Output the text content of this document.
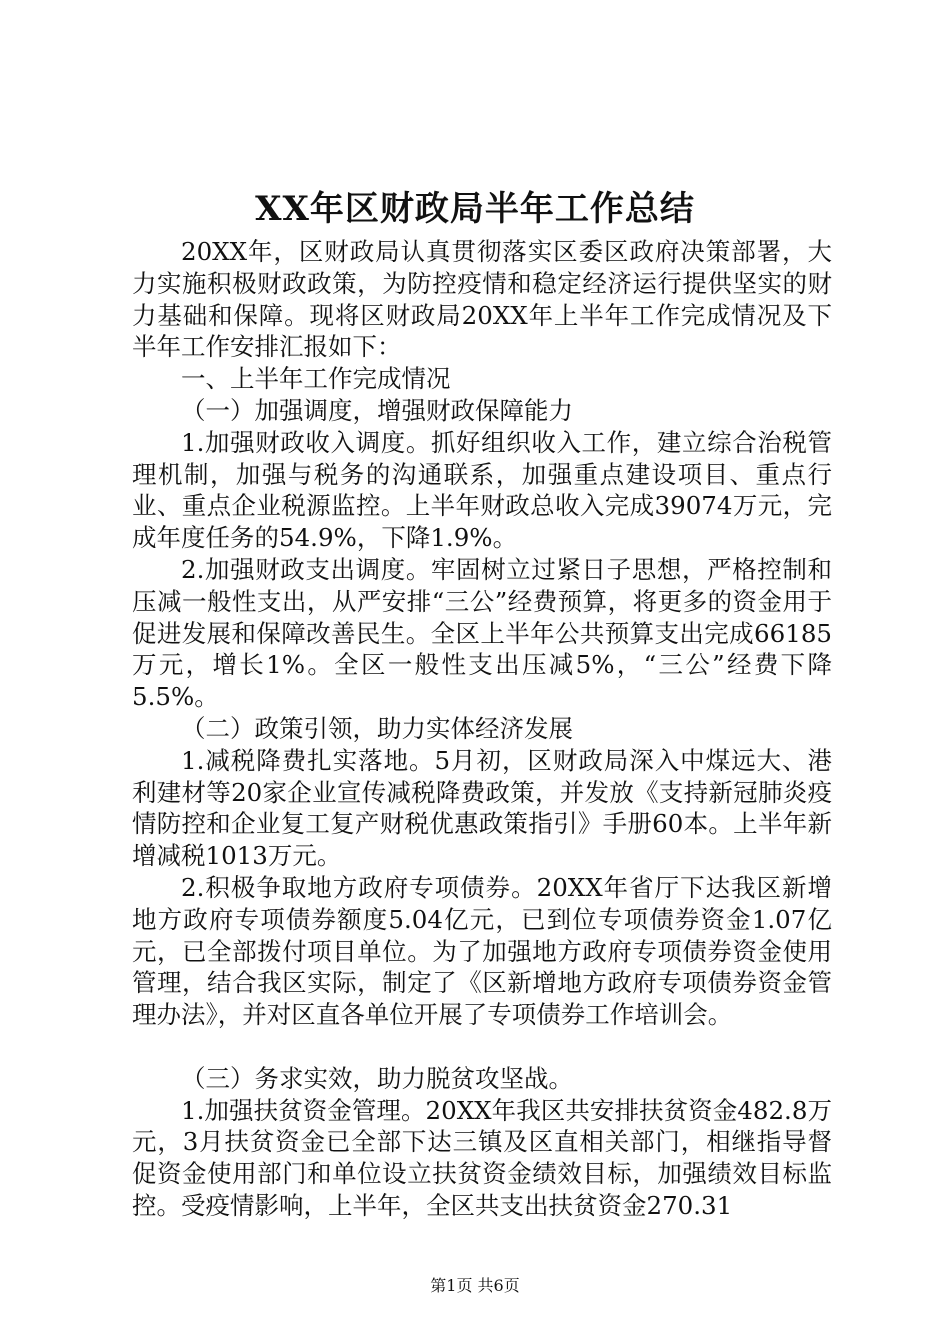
XX年区财政局半年工作总结

20XX年，区财政局认真贯彻落实区委区政府决策部署，大力实施积极财政政策，为防控疫情和稳定经济运行提供坚实的财力基础和保障。现将区财政局20XX年上半年工作完成情况及下半年工作安排汇报如下：

一、上半年工作完成情况

（一）加强调度，增强财政保障能力

1.加强财政收入调度。抓好组织收入工作，建立综合治税管理机制，加强与税务的沟通联系，加强重点建设项目、重点行业、重点企业税源监控。上半年财政总收入完成39074万元，完成年度任务的54.9%，下降1.9%。

2.加强财政支出调度。牢固树立过紧日子思想，严格控制和压减一般性支出，从严安排“三公”经费预算，将更多的资金用于促进发展和保障改善民生。全区上半年公共预算支出完成66185万元，增长1%。全区一般性支出压减5%，“三公”经费下降5.5%。

（二）政策引领，助力实体经济发展

1.减税降费扎实落地。5月初，区财政局深入中煤远大、港利建材等20家企业宣传减税降费政策，并发放《支持新冠肺炎疫情防控和企业复工复产财税优惠政策指引》手册60本。上半年新增减税1013万元。

2.积极争取地方政府专项债券。20XX年省厅下达我区新增地方政府专项债券额度5.04亿元，已到位专项债券资金1.07亿元，已全部拨付项目单位。为了加强地方政府专项债券资金使用管理，结合我区实际，制定了《区新增地方政府专项债券资金管理办法》，并对区直各单位开展了专项债券工作培训会。

（三）务求实效，助力脱贫攻坚战。

1.加强扶贫资金管理。20XX年我区共安排扶贫资金482.8万元，3月扶贫资金已全部下达三镇及区直相关部门，相继指导督促资金使用部门和单位设立扶贫资金绩效目标，加强绩效目标监控。受疫情影响，上半年，全区共支出扶贫资金270.31

第1页 共6页
